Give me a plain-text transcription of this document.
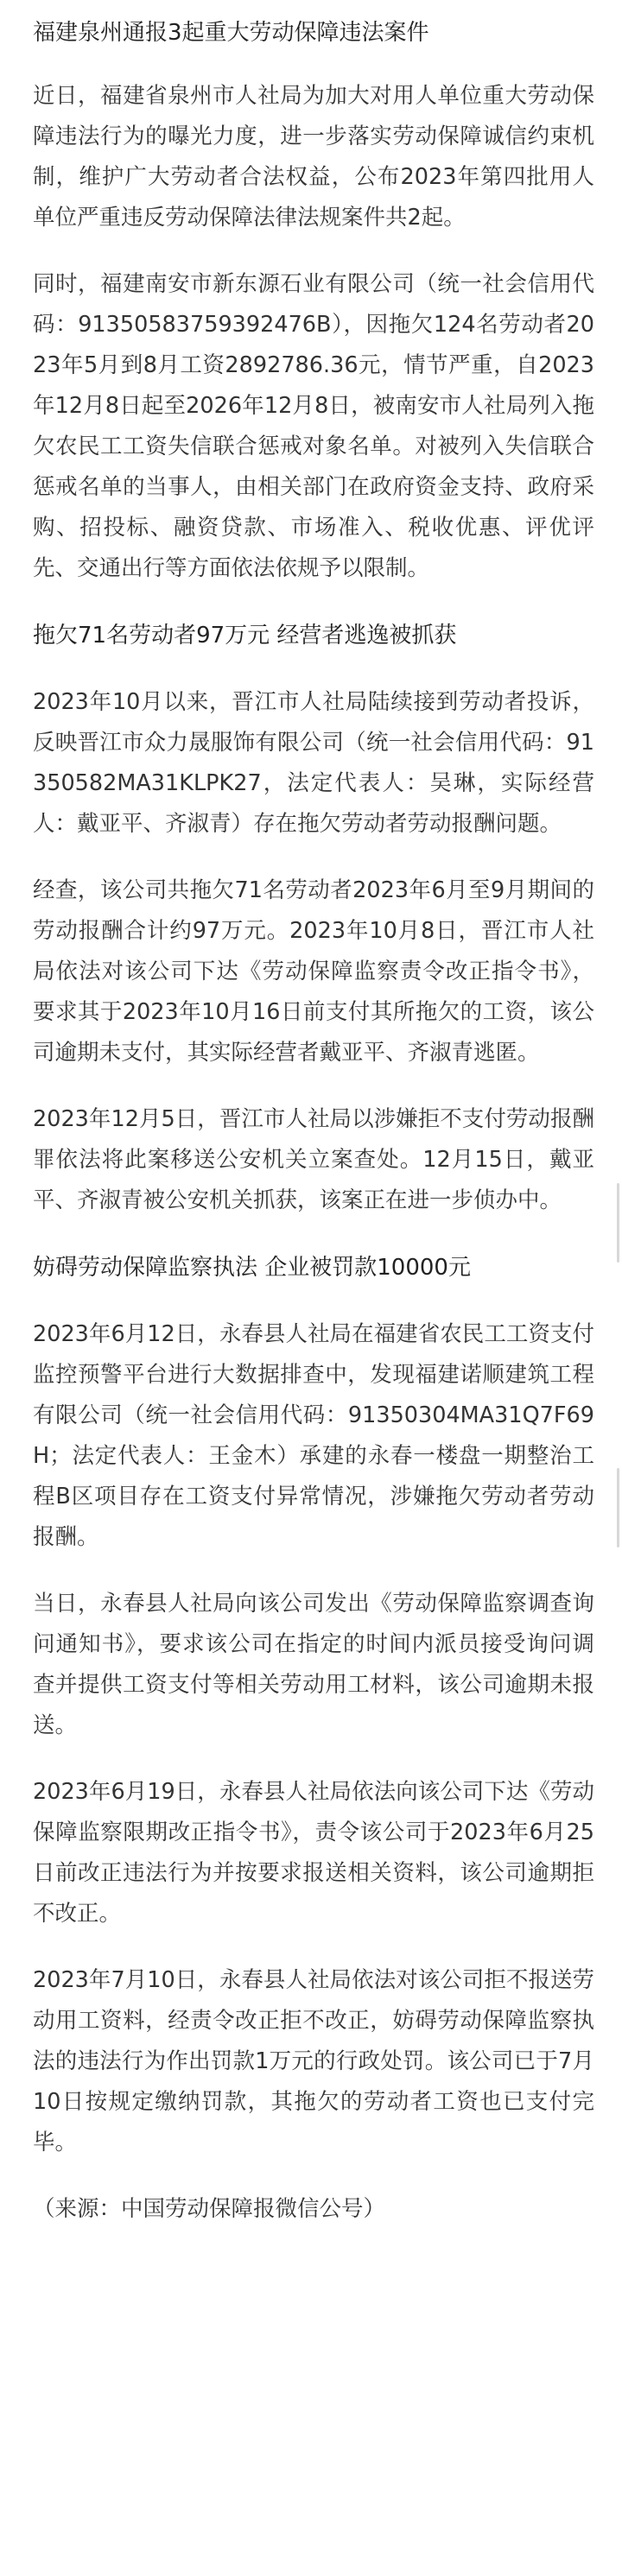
福建泉州通报3起重大劳动保障违法案件

近日，福建省泉州市人社局为加大对用人单位重大劳动保障违法行为的曝光力度，进一步落实劳动保障诚信约束机制，维护广大劳动者合法权益，公布2023年第四批用人单位严重违反劳动保障法律法规案件共2起。

同时，福建南安市新东源石业有限公司（统一社会信用代码：91350583759392476B），因拖欠124名劳动者2023年5月到8月工资2892786.36元，情节严重，自2023年12月8日起至2026年12月8日，被南安市人社局列入拖欠农民工工资失信联合惩戒对象名单。对被列入失信联合惩戒名单的当事人，由相关部门在政府资金支持、政府采购、招投标、融资贷款、市场准入、税收优惠、评优评先、交通出行等方面依法依规予以限制。

拖欠71名劳动者97万元 经营者逃逸被抓获

2023年10月以来，晋江市人社局陆续接到劳动者投诉，反映晋江市众力晟服饰有限公司（统一社会信用代码：91350582MA31KLPK27，法定代表人：吴琳，实际经营人：戴亚平、齐淑青）存在拖欠劳动者劳动报酬问题。

经查，该公司共拖欠71名劳动者2023年6月至9月期间的劳动报酬合计约97万元。2023年10月8日，晋江市人社局依法对该公司下达《劳动保障监察责令改正指令书》，要求其于2023年10月16日前支付其所拖欠的工资，该公司逾期未支付，其实际经营者戴亚平、齐淑青逃匿。

2023年12月5日，晋江市人社局以涉嫌拒不支付劳动报酬罪依法将此案移送公安机关立案查处。12月15日，戴亚平、齐淑青被公安机关抓获，该案正在进一步侦办中。

妨碍劳动保障监察执法 企业被罚款10000元

2023年6月12日，永春县人社局在福建省农民工工资支付监控预警平台进行大数据排查中，发现福建诺顺建筑工程有限公司（统一社会信用代码：91350304MA31Q7F69H；法定代表人：王金木）承建的永春一楼盘一期整治工程B区项目存在工资支付异常情况，涉嫌拖欠劳动者劳动报酬。

当日，永春县人社局向该公司发出《劳动保障监察调查询问通知书》，要求该公司在指定的时间内派员接受询问调查并提供工资支付等相关劳动用工材料，该公司逾期未报送。

2023年6月19日，永春县人社局依法向该公司下达《劳动保障监察限期改正指令书》，责令该公司于2023年6月25日前改正违法行为并按要求报送相关资料，该公司逾期拒不改正。

2023年7月10日，永春县人社局依法对该公司拒不报送劳动用工资料，经责令改正拒不改正，妨碍劳动保障监察执法的违法行为作出罚款1万元的行政处罚。该公司已于7月10日按规定缴纳罚款，其拖欠的劳动者工资也已支付完毕。

（来源：中国劳动保障报微信公号）
